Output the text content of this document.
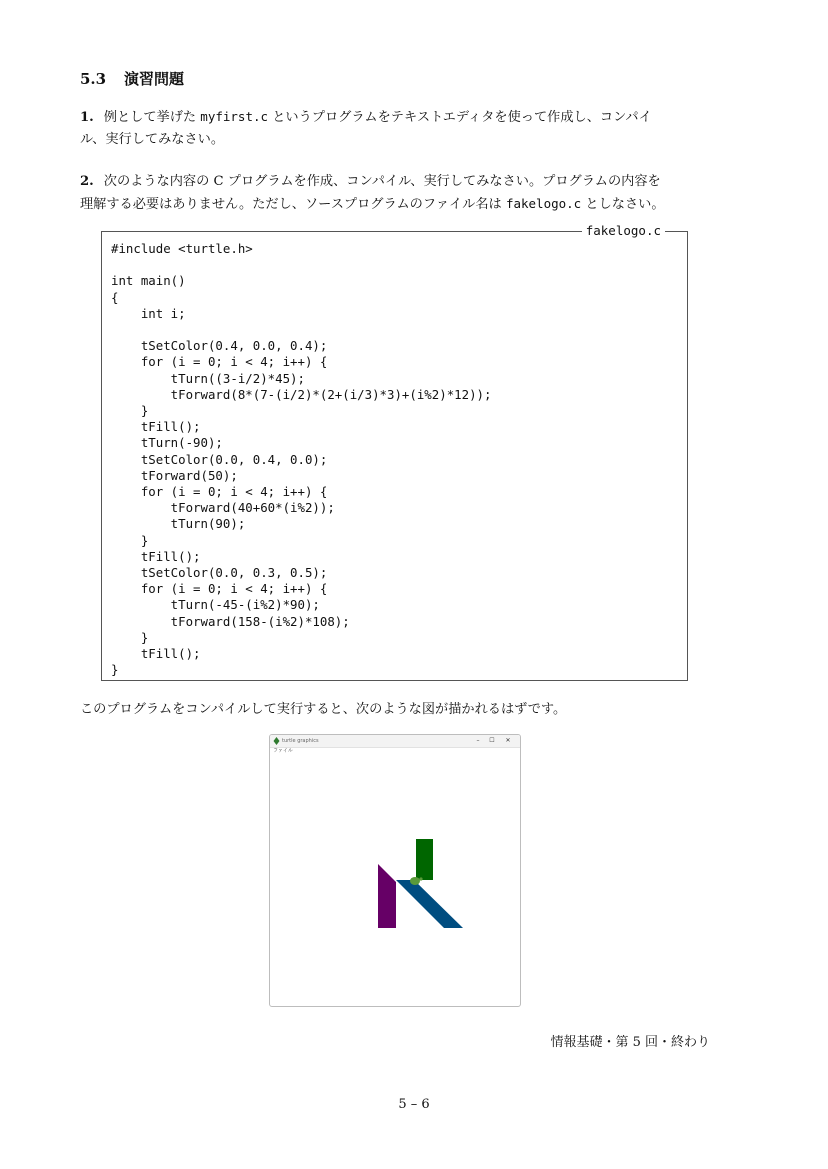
5.3 演習問題
1. 例として挙げた myfirst.c というプログラムをテキストエディタを使って作成し、コンパイ
ル、実行してみなさい。
2. 次のような内容の C プログラムを作成、コンパイル、実行してみなさい。プログラムの内容を
理解する必要はありません。ただし、ソースプログラムのファイル名は fakelogo.c としなさい。
fakelogo.c
#include <turtle.h>

int main()
{
int i;

tSetColor(0.4, 0.0, 0.4);
for (i = 0; i < 4; i++) {
tTurn((3-i/2)*45);
tForward(8*(7-(i/2)*(2+(i/3)*3)+(i%2)*12));
}
tFill();
tTurn(-90);
tSetColor(0.0, 0.4, 0.0);
tForward(50);
for (i = 0; i < 4; i++) {
tForward(40+60*(i%2));
tTurn(90);
}
tFill();
tSetColor(0.0, 0.3, 0.5);
for (i = 0; i < 4; i++) {
tTurn(-45-(i%2)*90);
tForward(158-(i%2)*108);
}
tFill();
}
このプログラムをコンパイルして実行すると、次のような図が描かれるはずです。
turtle graphics	–	☐	✕
ファイル
情報基礎・第 5 回・終わり
5 – 6
